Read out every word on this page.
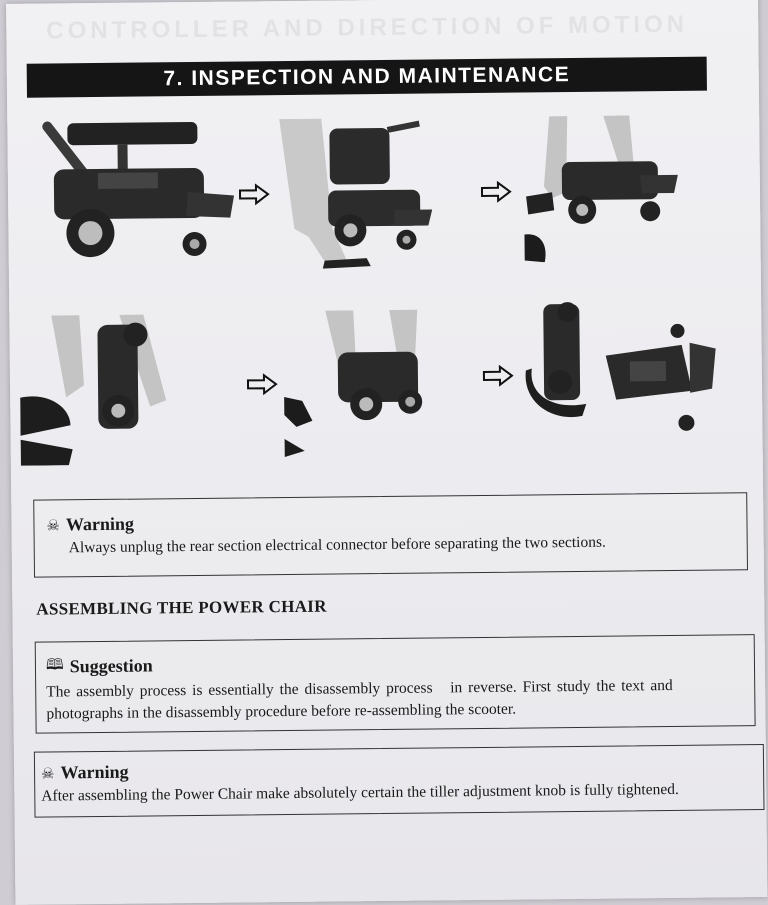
CONTROLLER AND DIRECTION OF MOTION
7. INSPECTION AND MAINTENANCE
☠ Warning
Always unplug the rear section electrical connector before separating the two sections.
ASSEMBLING THE POWER CHAIR
🕮 Suggestion
The assembly process is essentially the disassembly process   in reverse. First study the text and
photographs in the disassembly procedure before re-assembling the scooter.
☠ Warning
After assembling the Power Chair make absolutely certain the tiller adjustment knob is fully tightened.
